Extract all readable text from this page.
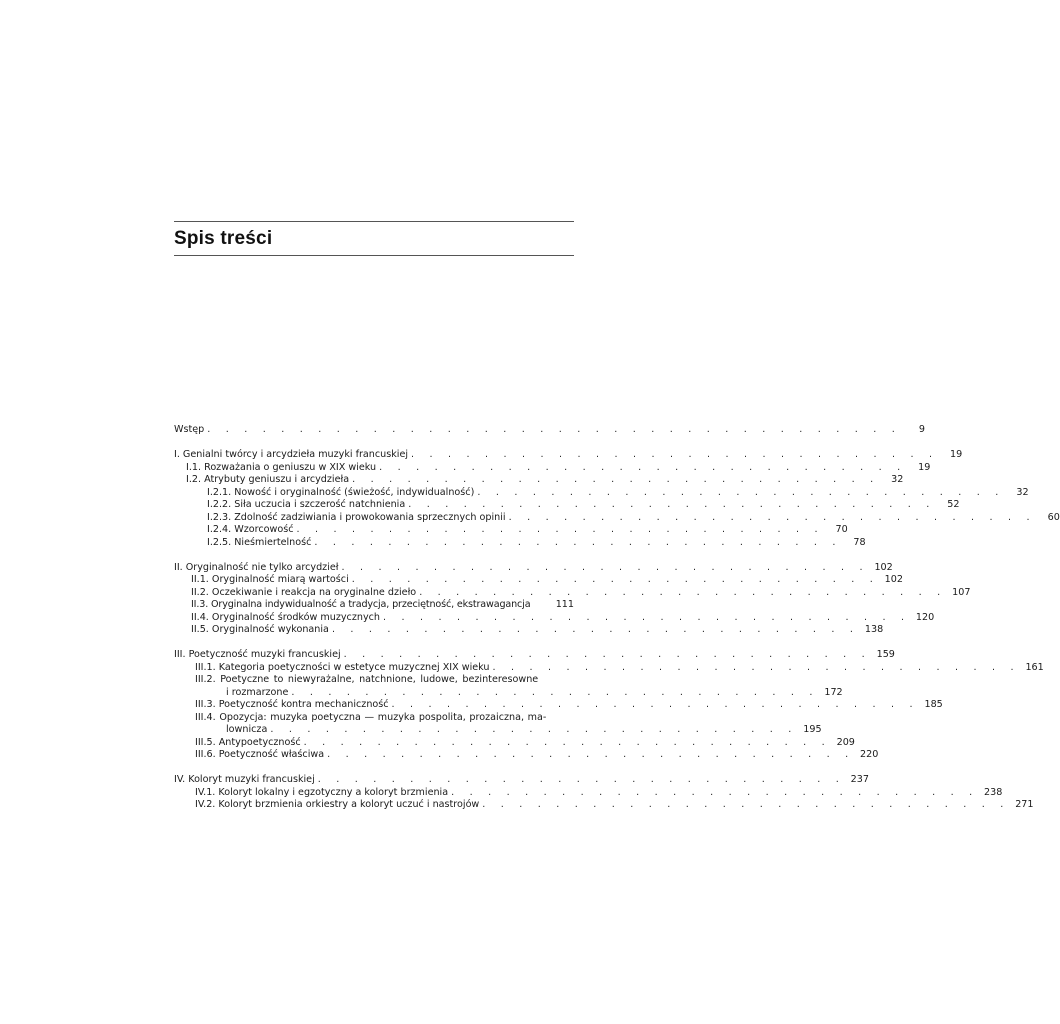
Spis treści
Wstęp . . . . . . . . . . . . . . . . . . . . . . . . . . . . . . . . . . . . . .	9
I. Genialni twórcy i arcydzieła muzyki francuskiej . . . . . . . . . . . . . . . . . . . . . . . . . . . . .	19
I.1. Rozważania o geniuszu w XIX wieku . . . . . . . . . . . . . . . . . . . . . . . . . . . . .	19
I.2. Atrybuty geniuszu i arcydzieła . . . . . . . . . . . . . . . . . . . . . . . . . . . . .	32
I.2.1. Nowość i oryginalność (świeżość, indywidualność) . . . . . . . . . . . . . . . . . . . . . . . . . . . . .	32
I.2.2. Siła uczucia i szczerość natchnienia . . . . . . . . . . . . . . . . . . . . . . . . . . . . .	52
I.2.3. Zdolność zadziwiania i prowokowania sprzecznych opinii . . . . . . . . . . . . . . . . . . . . . . . . . . . . .	60
I.2.4. Wzorcowość . . . . . . . . . . . . . . . . . . . . . . . . . . . . .	70
I.2.5. Nieśmiertelność . . . . . . . . . . . . . . . . . . . . . . . . . . . . .	78
II. Oryginalność nie tylko arcydzieł . . . . . . . . . . . . . . . . . . . . . . . . . . . . . 102
II.1. Oryginalność miarą wartości . . . . . . . . . . . . . . . . . . . . . . . . . . . . . 102
II.2. Oczekiwanie i reakcja na oryginalne dzieło . . . . . . . . . . . . . . . . . . . . . . . . . . . . . 107
II.3. Oryginalna indywidualność a tradycja, przeciętność, ekstrawagancja	111
II.4. Oryginalność środków muzycznych . . . . . . . . . . . . . . . . . . . . . . . . . . . . . 120
II.5. Oryginalność wykonania . . . . . . . . . . . . . . . . . . . . . . . . . . . . . 138
III. Poetyczność muzyki francuskiej . . . . . . . . . . . . . . . . . . . . . . . . . . . . . 159
III.1. Kategoria poetyczności w estetyce muzycznej XIX wieku . . . . . . . . . . . . . . . . . . . . . . . . . . . . . 161
III.2. Poetyczne to niewyrażalne, natchnione, ludowe, bezinteresowne
i rozmarzone . . . . . . . . . . . . . . . . . . . . . . . . . . . . . 172
III.3. Poetyczność kontra mechaniczność . . . . . . . . . . . . . . . . . . . . . . . . . . . . . 185
III.4. Opozycja: muzyka poetyczna — muzyka pospolita, prozaiczna, ma-
lownicza . . . . . . . . . . . . . . . . . . . . . . . . . . . . . 195
III.5. Antypoetyczność . . . . . . . . . . . . . . . . . . . . . . . . . . . . . 209
III.6. Poetyczność właściwa . . . . . . . . . . . . . . . . . . . . . . . . . . . . . 220
IV. Koloryt muzyki francuskiej . . . . . . . . . . . . . . . . . . . . . . . . . . . . . 237
IV.1. Koloryt lokalny i egzotyczny a koloryt brzmienia . . . . . . . . . . . . . . . . . . . . . . . . . . . . . 238
IV.2. Koloryt brzmienia orkiestry a koloryt uczuć i nastrojów . . . . . . . . . . . . . . . . . . . . . . . . . . . . . 271
